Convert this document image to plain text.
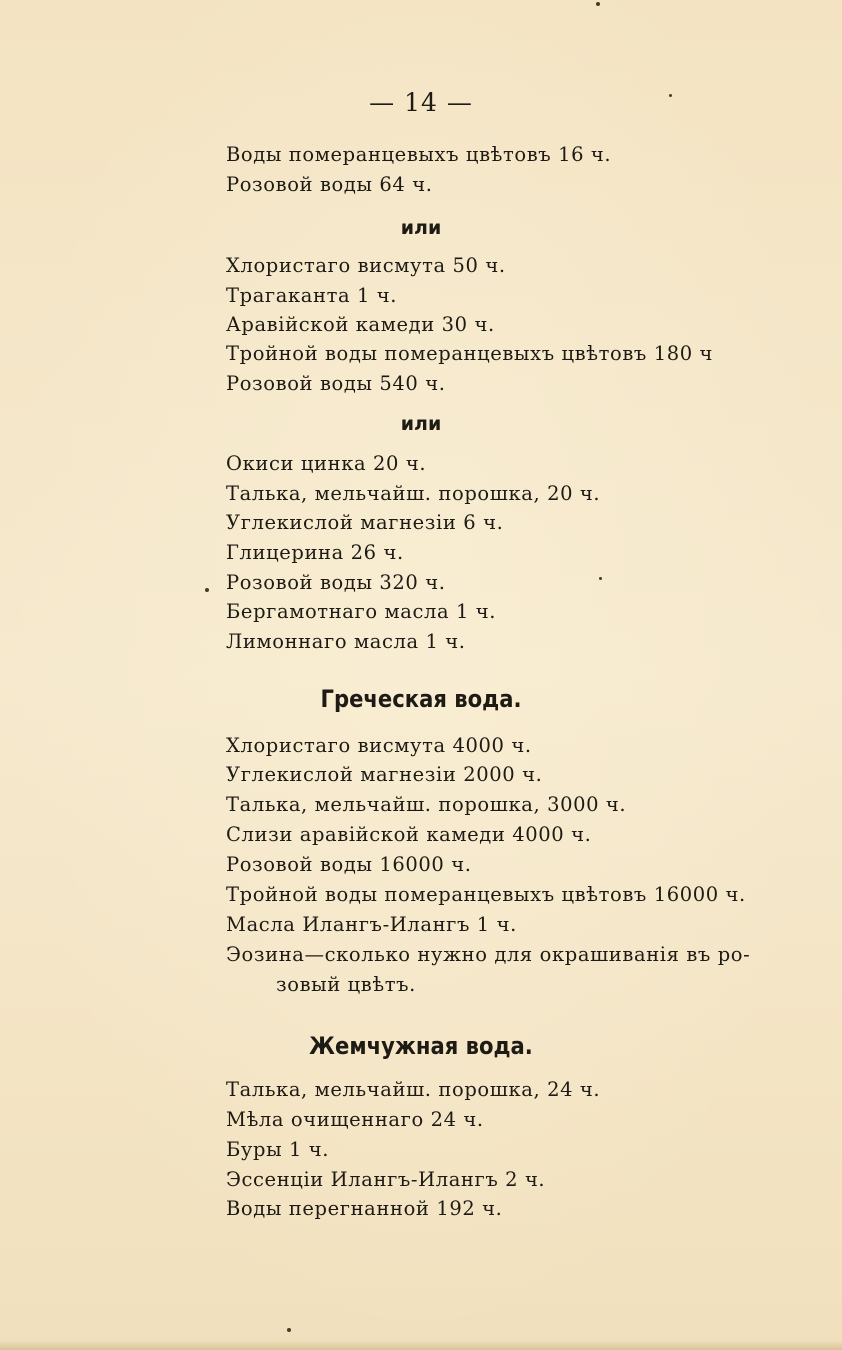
— 14 —
Воды померанцевыхъ цвѣтовъ 16 ч.
Розовой воды 64 ч.
или
Хлористаго висмута 50 ч.
Трагаканта 1 ч.
Аравійской камеди 30 ч.
Тройной воды померанцевыхъ цвѣтовъ 180 ч
Розовой воды 540 ч.
или
Окиси цинка 20 ч.
Талька, мельчайш. порошка, 20 ч.
Углекислой магнезіи 6 ч.
Глицерина 26 ч.
Розовой воды 320 ч.
Бергамотнаго масла 1 ч.
Лимоннаго масла 1 ч.
Греческая вода.
Хлористаго висмута 4000 ч.
Углекислой магнезіи 2000 ч.
Талька, мельчайш. порошка, 3000 ч.
Слизи аравійской камеди 4000 ч.
Розовой воды 16000 ч.
Тройной воды померанцевыхъ цвѣтовъ 16000 ч.
Масла Илангъ-Илангъ 1 ч.
Эозина—сколько нужно для окрашиванія въ ро-
зовый цвѣтъ.
Жемчужная вода.
Талька, мельчайш. порошка, 24 ч.
Мѣла очищеннаго 24 ч.
Буры 1 ч.
Эссенціи Илангъ-Илангъ 2 ч.
Воды перегнанной 192 ч.
